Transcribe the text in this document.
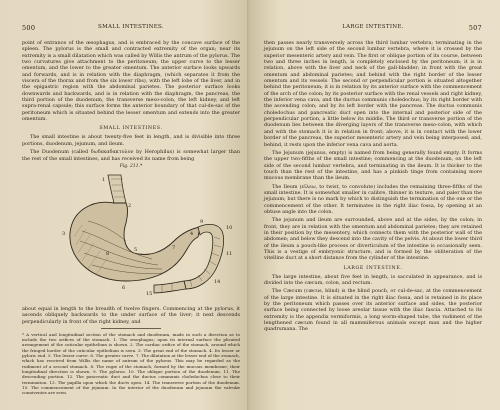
500	SMALL INTESTINES.

point of entrance of the œsophagus, and is embraced by the concave surface of the spleen. The pylorus is the small and contracted extremity of the organ; near its extremity is a small dilatation which was called by Willis the antrum of the pylorus. The two curvatures give attachment to the peritoneum; the upper curve to the lesser omentum, and the lower to the greater omentum. The anterior surface looks upwards and forwards, and is in relation with the diaphragm, (which separates it from the viscera of the thorax and from the six lower ribs), with the left lobe of the liver, and in the epigastric region with the abdominal parietes. The posterior surface looks downwards and backwards, and is in relation with the diaphragm, the pancreas, the third portion of the duodenum, the transverse meso-colon, the left kidney, and left supra-renal capsule; this surface forms the anterior boundary of that cul-de-sac of the peritoneum which is situated behind the lesser omentum and extends into the greater omentum.

SMALL INTESTINES.

The small intestine is about twenty-five feet in length, and is divisible into three portions, duodenum, jejunum, and ileum.

The Duodenum (called δωδεκαδακτυλον by Herophilus) is somewhat larger than the rest of the small intestines, and has received its name from being

Fig. 211.*
1
2
3	4
5
6
7
8
9
10
11
14
15

about equal in length to the breadth of twelve fingers. Commencing at the pylorus, it ascends obliquely backwards to the under surface of the liver; it next descends perpendicularly in front of the right kidney, and

* A vertical and longitudinal section of the stomach and duodenum, made in such a direction as to include the two orifices of the stomach. 1. The œsophagus; upon its internal surface the plicated arrangement of the cuticular epithelium is shown. 2. The cardiac orifice of the stomach, around which the fringed border of the cuticular epithelium is seen. 3. The great end of the stomach. 4. Its lesser or pyloric end. 5. The lesser curve. 6. The greater curve. 7. The dilatation at the lesser end of the stomach, which has received from Willis the name of antrum of the pylorus. This may be regarded as the rudiment of a second stomach. 8. The rugæ of the stomach, formed by the mucous membrane; their longitudinal direction is shown. 9. The pylorus. 10. The oblique portion of the duodenum. 11. The descending portion. 12. The pancreatic duct and the ductus communis choledochus close to their termination. 13. The papilla upon which the ducts open. 14. The transverse portion of the duodenum. 15. The commencement of the jejunum. In the interior of the duodenum and jejunum the valvulæ conniventes are seen.

LARGE INTESTINE.	507

then passes nearly transversely across the third lumbar vertebra; terminating in the jejunum on the left side of the second lumbar vertebra, where it is crossed by the superior mesenteric artery and vein. The first or oblique portion of its course, between two and three inches in length, is completely enclosed by the peritoneum; it is in relation, above with the liver and neck of the gall-bladder; in front with the great omentum and abdominal parietes; and behind with the right border of the lesser omentum and its vessels. The second or perpendicular portion is situated altogether behind the peritoneum; it is in relation by its anterior surface with the commencement of the arch of the colon; by its posterior surface with the renal vessels and right kidney, the inferior vena cava, and the ductus communis choledochus; by its right border with the ascending colon; and by its left border with the pancreas. The ductus communis choledochus and pancreatic duct open into the internal and posterior side of the perpendicular portion, a little below its middle. The third or transverse portion of the duodenum lies between the diverging layers of the transverse meso-colon, with which and with the stomach it is in relation in front; above, it is in contact with the lower border of the pancreas, the superior mesenteric artery and vein being interposed; and, behind, it rests upon the inferior vena cava and aorta.

The Jejunum (jejunus, empty) is named from being generally found empty. It forms the upper two-fifths of the small intestine; commencing at the duodenum, on the left side of the second lumbar vertebra, and terminating in the ileum. It is thicker to the touch than the rest of the intestine, and has a pinkish tinge from containing more mucous membrane than the ileum.

The Ileum (εἰλεω, to twist, to convolute) includes the remaining three-fifths of the small intestine. It is somewhat smaller in calibre, thinner in texture, and paler than the jejunum; but there is no mark by which to distinguish the termination of the one or the commencement of the other. It terminates in the right iliac fossa, by opening at an obtuse angle into the colon.

The jejunum and ileum are surrounded, above and at the sides, by the colon; in front, they are in relation with the omentum and abdominal parietes; they are retained in their position by the mesentery, which connects them with the posterior wall of the abdomen; and below they descend into the cavity of the pelvis. At about the lower third of the ileum a pouch-like process or diverticulum of the intestine is occasionally seen. This is a vestige of embryonic structure, and is formed by the obliteration of the vitelline duct at a short distance from the cylinder of the intestine.

LARGE INTESTINE.

The large intestine, about five feet in length, is sacculated in appearance, and is divided into the cæcum, colon, and rectum.

The Cæcum (cæcus, blind) is the blind pouch, or cul-de-sac, at the commencement of the large intestine. It is situated in the right iliac fossa, and is retained in its place by the peritoneum which passes over its anterior surface and sides, the posterior surface being connected by loose areolar tissue with the iliac fascia. Attached to its extremity is the appendix vermiformis, a long worm-shaped tube, the rudiment of the lengthened cæcum found in all mammiferous animals except man and the higher quadrumana. The
